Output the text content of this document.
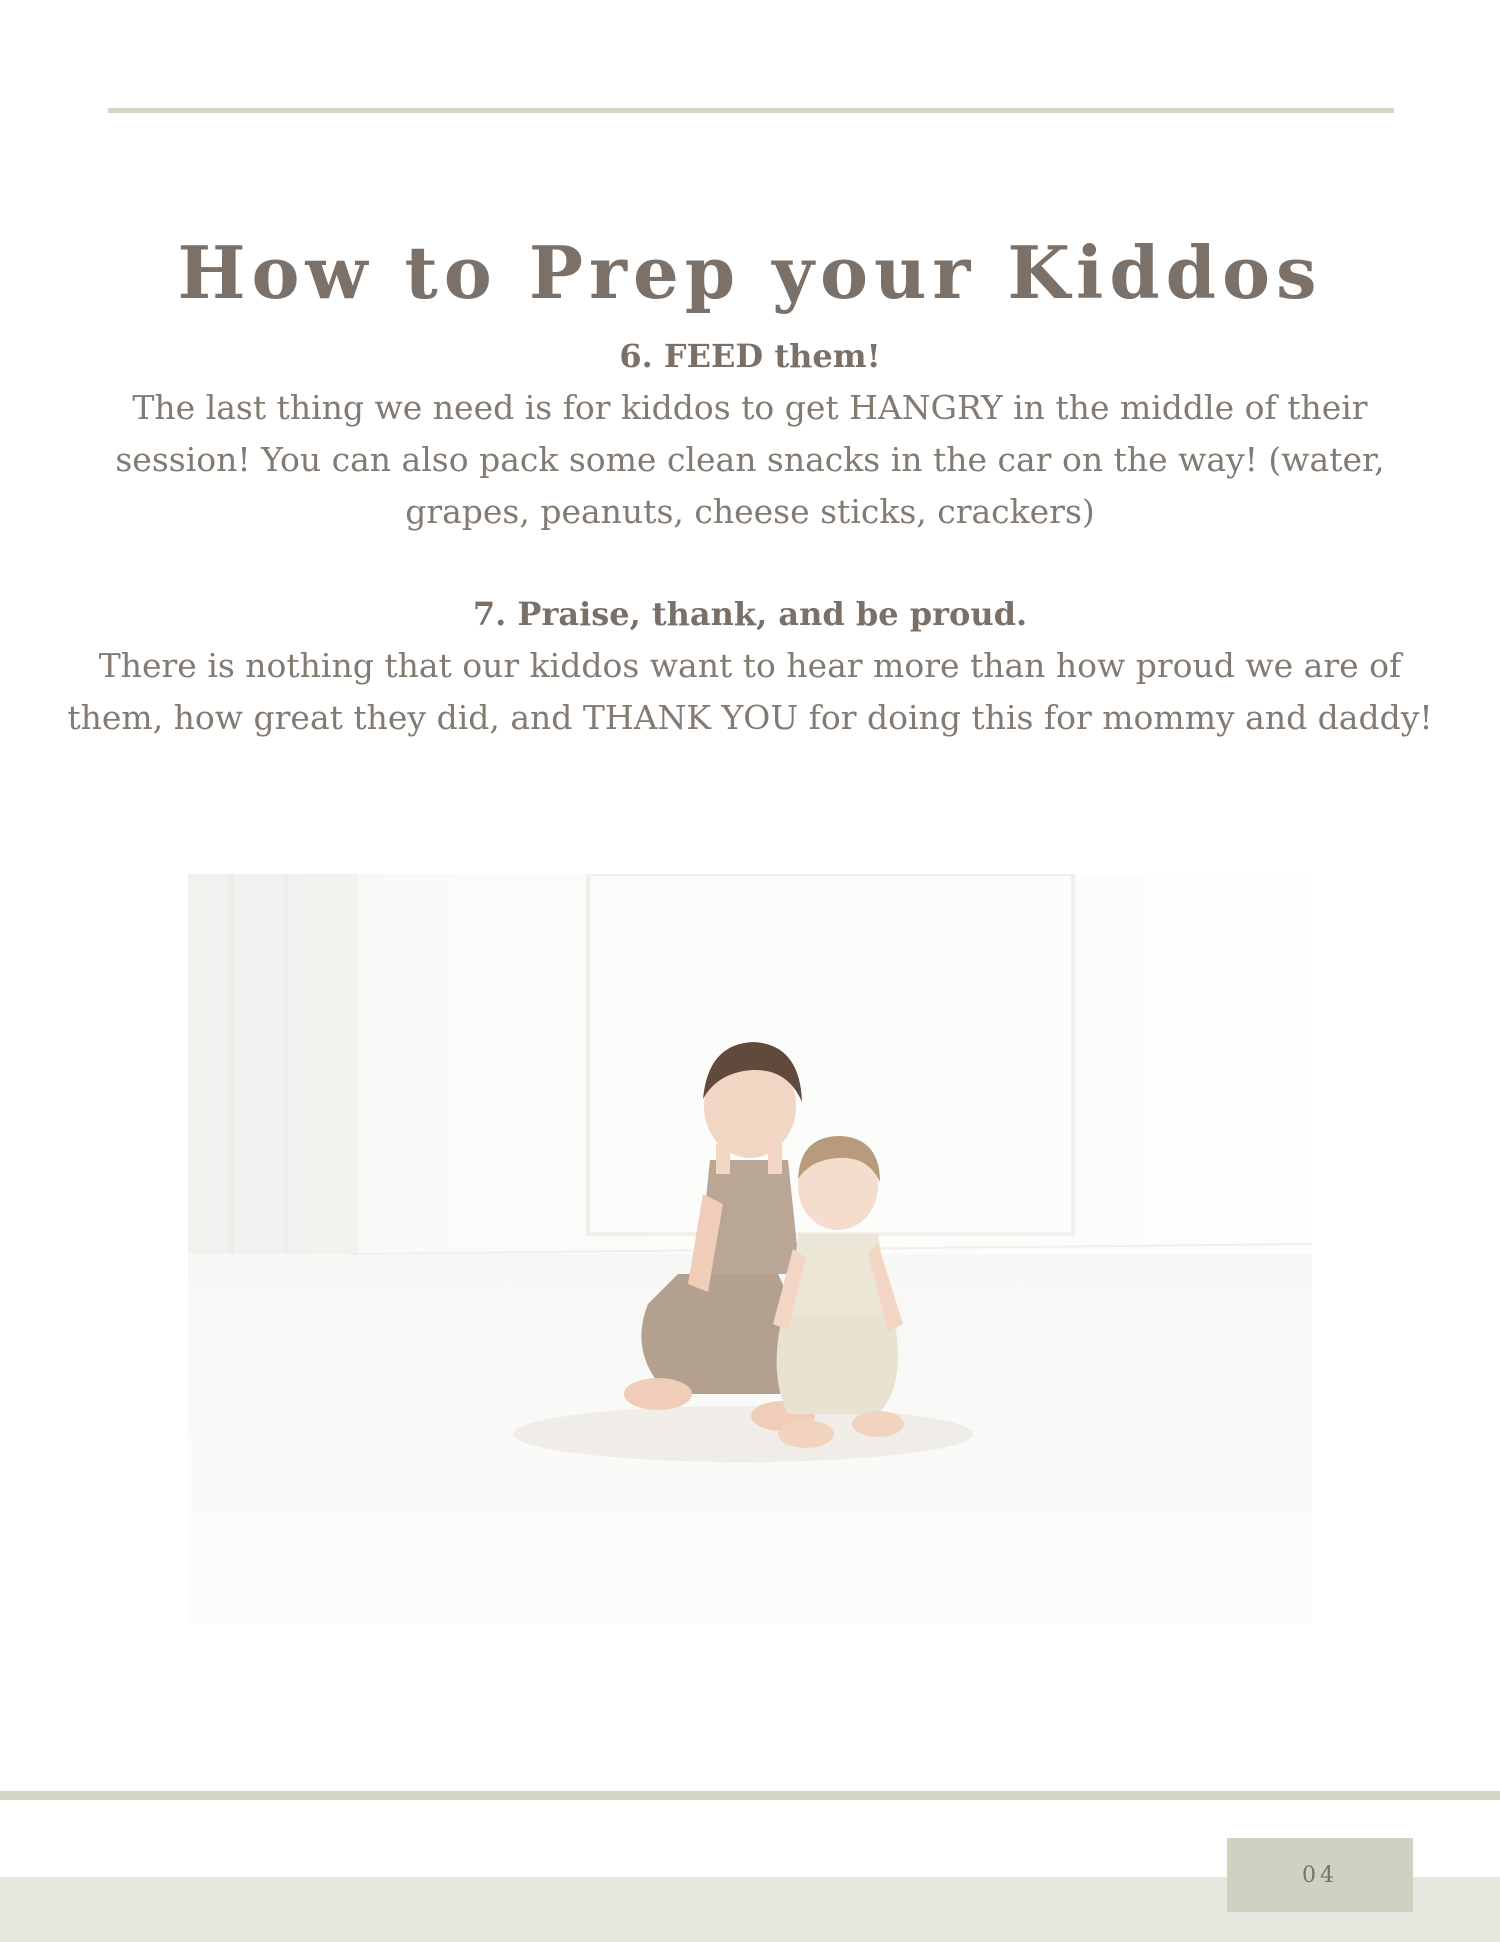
How to Prep your Kiddos
6. FEED them!
The last thing we need is for kiddos to get HANGRY in the middle of their session! You can also pack some clean snacks in the car on the way! (water, grapes, peanuts, cheese sticks, crackers)
7. Praise, thank, and be proud.
There is nothing that our kiddos want to hear more than how proud we are of them, how great they did, and THANK YOU for doing this for mommy and daddy!
04
